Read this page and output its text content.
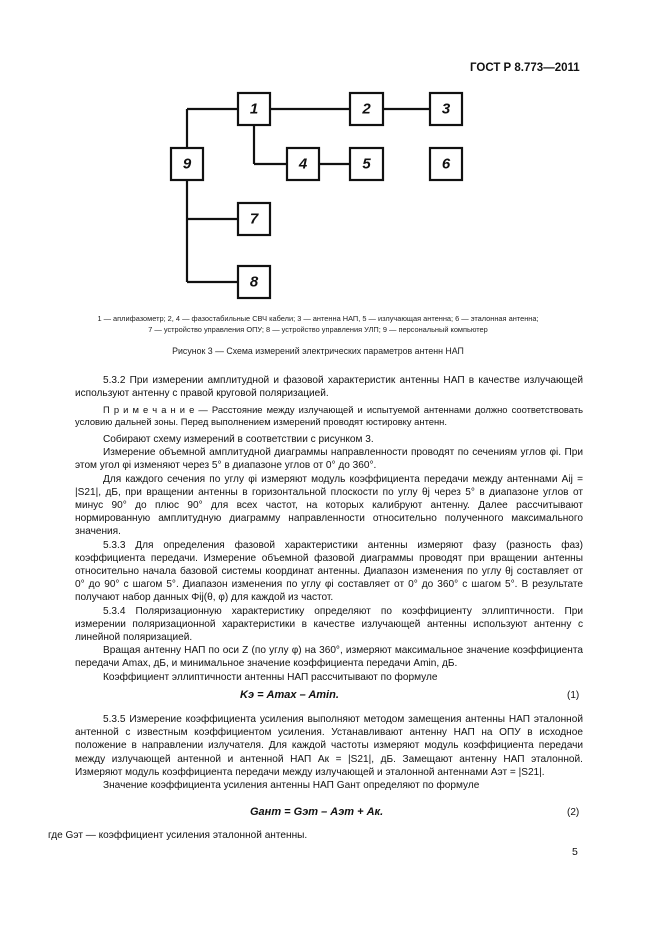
ГОСТ Р 8.773—2011
1	2	3
4	5	6
9
7
8
1 — аплифазометр; 2, 4 — фазостабильные СВЧ кабели; 3 — антенна НАП, 5 — излучающая антенна; 6 — эталонная антенна;
7 — устройство управления ОПУ; 8 — устройство управления УЛП; 9 — персональный компьютер
Рисунок 3 — Схема измерений электрических параметров антенн НАП

5.3.2 При измерении амплитудной и фазовой характеристик антенны НАП в качестве излучающей используют антенну с правой круговой поляризацией.

П р и м е ч а н и е — Расстояние между излучающей и испытуемой антеннами должно соответствовать условию дальней зоны. Перед выполнением измерений проводят юстировку антенн.

Собирают схему измерений в соответствии с рисунком 3.

Измерение объемной амплитудной диаграммы направленности проводят по сечениям углов φi. При этом угол φi изменяют через 5° в диапазоне углов от 0° до 360°.

Для каждого сечения по углу φi измеряют модуль коэффициента передачи между антеннами Aij = |S21|, дБ, при вращении антенны в горизонтальной плоскости по углу θj через 5° в диапазоне углов от минус 90° до плюс 90° для всех частот, на которых калибруют антенну. Далее рассчитывают нормированную амплитудную диаграмму направленности относительно полученного максимального значения.

5.3.3 Для определения фазовой характеристики антенны измеряют фазу (разность фаз) коэффициента передачи. Измерение объемной фазовой диаграммы проводят при вращении антенны относительно начала базовой системы координат антенны. Диапазон изменения по углу θj составляет от 0° до 90° с шагом 5°. Диапазон изменения по углу φi составляет от 0° до 360° с шагом 5°. В результате получают набор данных Φij(θ, φ) для каждой из частот.

5.3.4 Поляризационную характеристику определяют по коэффициенту эллиптичности. При измерении поляризационной характеристики в качестве излучающей антенны используют антенну с линейной поляризацией.

Вращая антенну НАП по оси Z (по углу φ) на 360°, измеряют максимальное значение коэффициента передачи Amax, дБ, и минимальное значение коэффициента передачи Amin, дБ.

Коэффициент эллиптичности антенны НАП рассчитывают по формуле

Kэ = Amax – Amin.	(1)

5.3.5 Измерение коэффициента усиления выполняют методом замещения антенны НАП эталонной антенной с известным коэффициентом усиления. Устанавливают антенну НАП на ОПУ в исходное положение в направлении излучателя. Для каждой частоты измеряют модуль коэффициента передачи между излучающей антенной и антенной НАП Aк = |S21|, дБ. Замещают антенну НАП эталонной. Измеряют модуль коэффициента передачи между излучающей и эталонной антеннами Aэт = |S21|.

Значение коэффициента усиления антенны НАП Gант определяют по формуле

Gант = Gэт – Aэт + Aк.	(2)
где Gэт — коэффициент усиления эталонной антенны.
5
